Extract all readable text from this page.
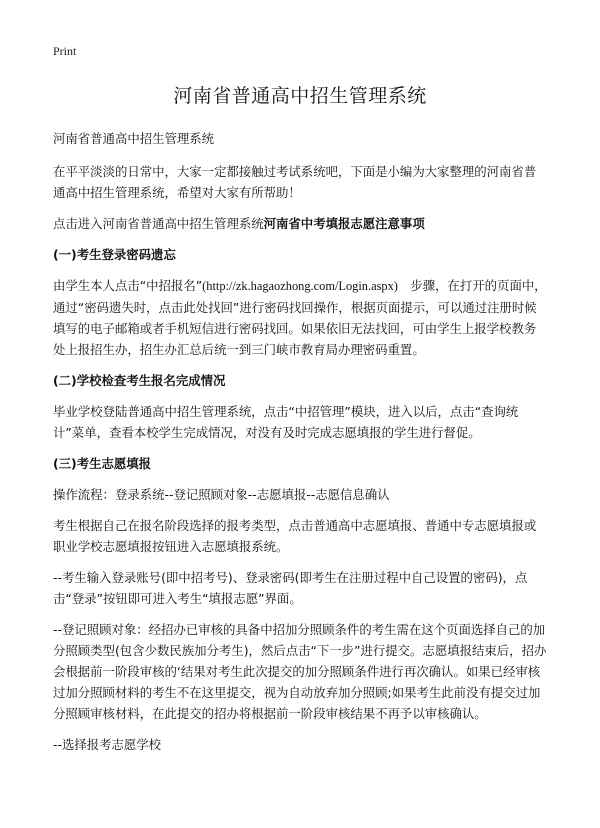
Print
河南省普通高中招生管理系统

河南省普通高中招生管理系统

在平平淡淡的日常中，大家一定都接触过考试系统吧，下面是小编为大家整理的河南省普通高中招生管理系统，希望对大家有所帮助！

点击进入河南省普通高中招生管理系统河南省中考填报志愿注意事项

(一)考生登录密码遗忘

由学生本人点击“中招报名”(http://zk.hagaozhong.com/Login.aspx)　步骤，在打开的页面中，通过“密码遗失时，点击此处找回”进行密码找回操作，根据页面提示，可以通过注册时候填写的电子邮箱或者手机短信进行密码找回。如果依旧无法找回，可由学生上报学校教务处上报招生办，招生办汇总后统一到三门峡市教育局办理密码重置。

(二)学校检查考生报名完成情况

毕业学校登陆普通高中招生管理系统，点击“中招管理”模块，进入以后，点击“查询统计”菜单，查看本校学生完成情况，对没有及时完成志愿填报的学生进行督促。

(三)考生志愿填报

操作流程：登录系统--登记照顾对象--志愿填报--志愿信息确认

考生根据自己在报名阶段选择的报考类型，点击普通高中志愿填报、普通中专志愿填报或职业学校志愿填报按钮进入志愿填报系统。

--考生输入登录账号(即中招考号)、登录密码(即考生在注册过程中自己设置的密码)，点击“登录”按钮即可进入考生“填报志愿”界面。

--登记照顾对象：经招办已审核的具备中招加分照顾条件的考生需在这个页面选择自己的加分照顾类型(包含少数民族加分考生)，然后点击“下一步”进行提交。志愿填报结束后，招办会根据前一阶段审核的‘结果对考生此次提交的加分照顾条件进行再次确认。如果已经审核过加分照顾材料的考生不在这里提交，视为自动放弃加分照顾;如果考生此前没有提交过加分照顾审核材料，在此提交的招办将根据前一阶段审核结果不再予以审核确认。

--选择报考志愿学校
